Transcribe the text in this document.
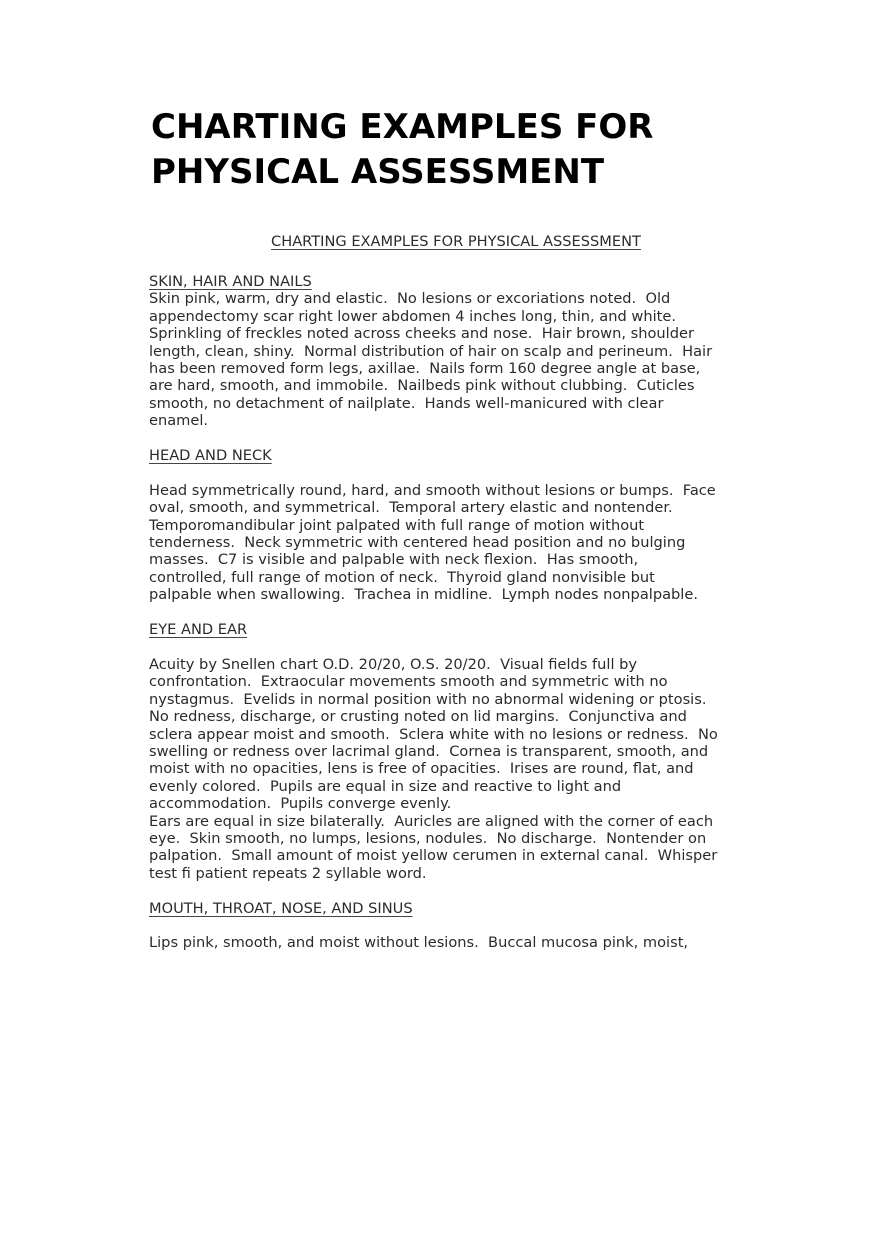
CHARTING EXAMPLES FOR
PHYSICAL ASSESSMENT
CHARTING EXAMPLES FOR PHYSICAL ASSESSMENT
SKIN, HAIR AND NAILS

Skin pink, warm, dry and elastic.  No lesions or excoriations noted.  Old
appendectomy scar right lower abdomen 4 inches long, thin, and white.
Sprinkling of freckles noted across cheeks and nose.  Hair brown, shoulder
length, clean, shiny.  Normal distribution of hair on scalp and perineum.  Hair
has been removed form legs, axillae.  Nails form 160 degree angle at base,
are hard, smooth, and immobile.  Nailbeds pink without clubbing.  Cuticles
smooth, no detachment of nailplate.  Hands well-manicured with clear
enamel.

HEAD AND NECK

Head symmetrically round, hard, and smooth without lesions or bumps.  Face
oval, smooth, and symmetrical.  Temporal artery elastic and nontender.
Temporomandibular joint palpated with full range of motion without
tenderness.  Neck symmetric with centered head position and no bulging
masses.  C7 is visible and palpable with neck flexion.  Has smooth,
controlled, full range of motion of neck.  Thyroid gland nonvisible but
palpable when swallowing.  Trachea in midline.  Lymph nodes nonpalpable.

EYE AND EAR

Acuity by Snellen chart O.D. 20/20, O.S. 20/20.  Visual fields full by
confrontation.  Extraocular movements smooth and symmetric with no
nystagmus.  Evelids in normal position with no abnormal widening or ptosis.
No redness, discharge, or crusting noted on lid margins.  Conjunctiva and
sclera appear moist and smooth.  Sclera white with no lesions or redness.  No
swelling or redness over lacrimal gland.  Cornea is transparent, smooth, and
moist with no opacities, lens is free of opacities.  Irises are round, flat, and
evenly colored.  Pupils are equal in size and reactive to light and
accommodation.  Pupils converge evenly.
Ears are equal in size bilaterally.  Auricles are aligned with the corner of each
eye.  Skin smooth, no lumps, lesions, nodules.  No discharge.  Nontender on
palpation.  Small amount of moist yellow cerumen in external canal.  Whisper
test fi patient repeats 2 syllable word.

MOUTH, THROAT, NOSE, AND SINUS

Lips pink, smooth, and moist without lesions.  Buccal mucosa pink, moist,
